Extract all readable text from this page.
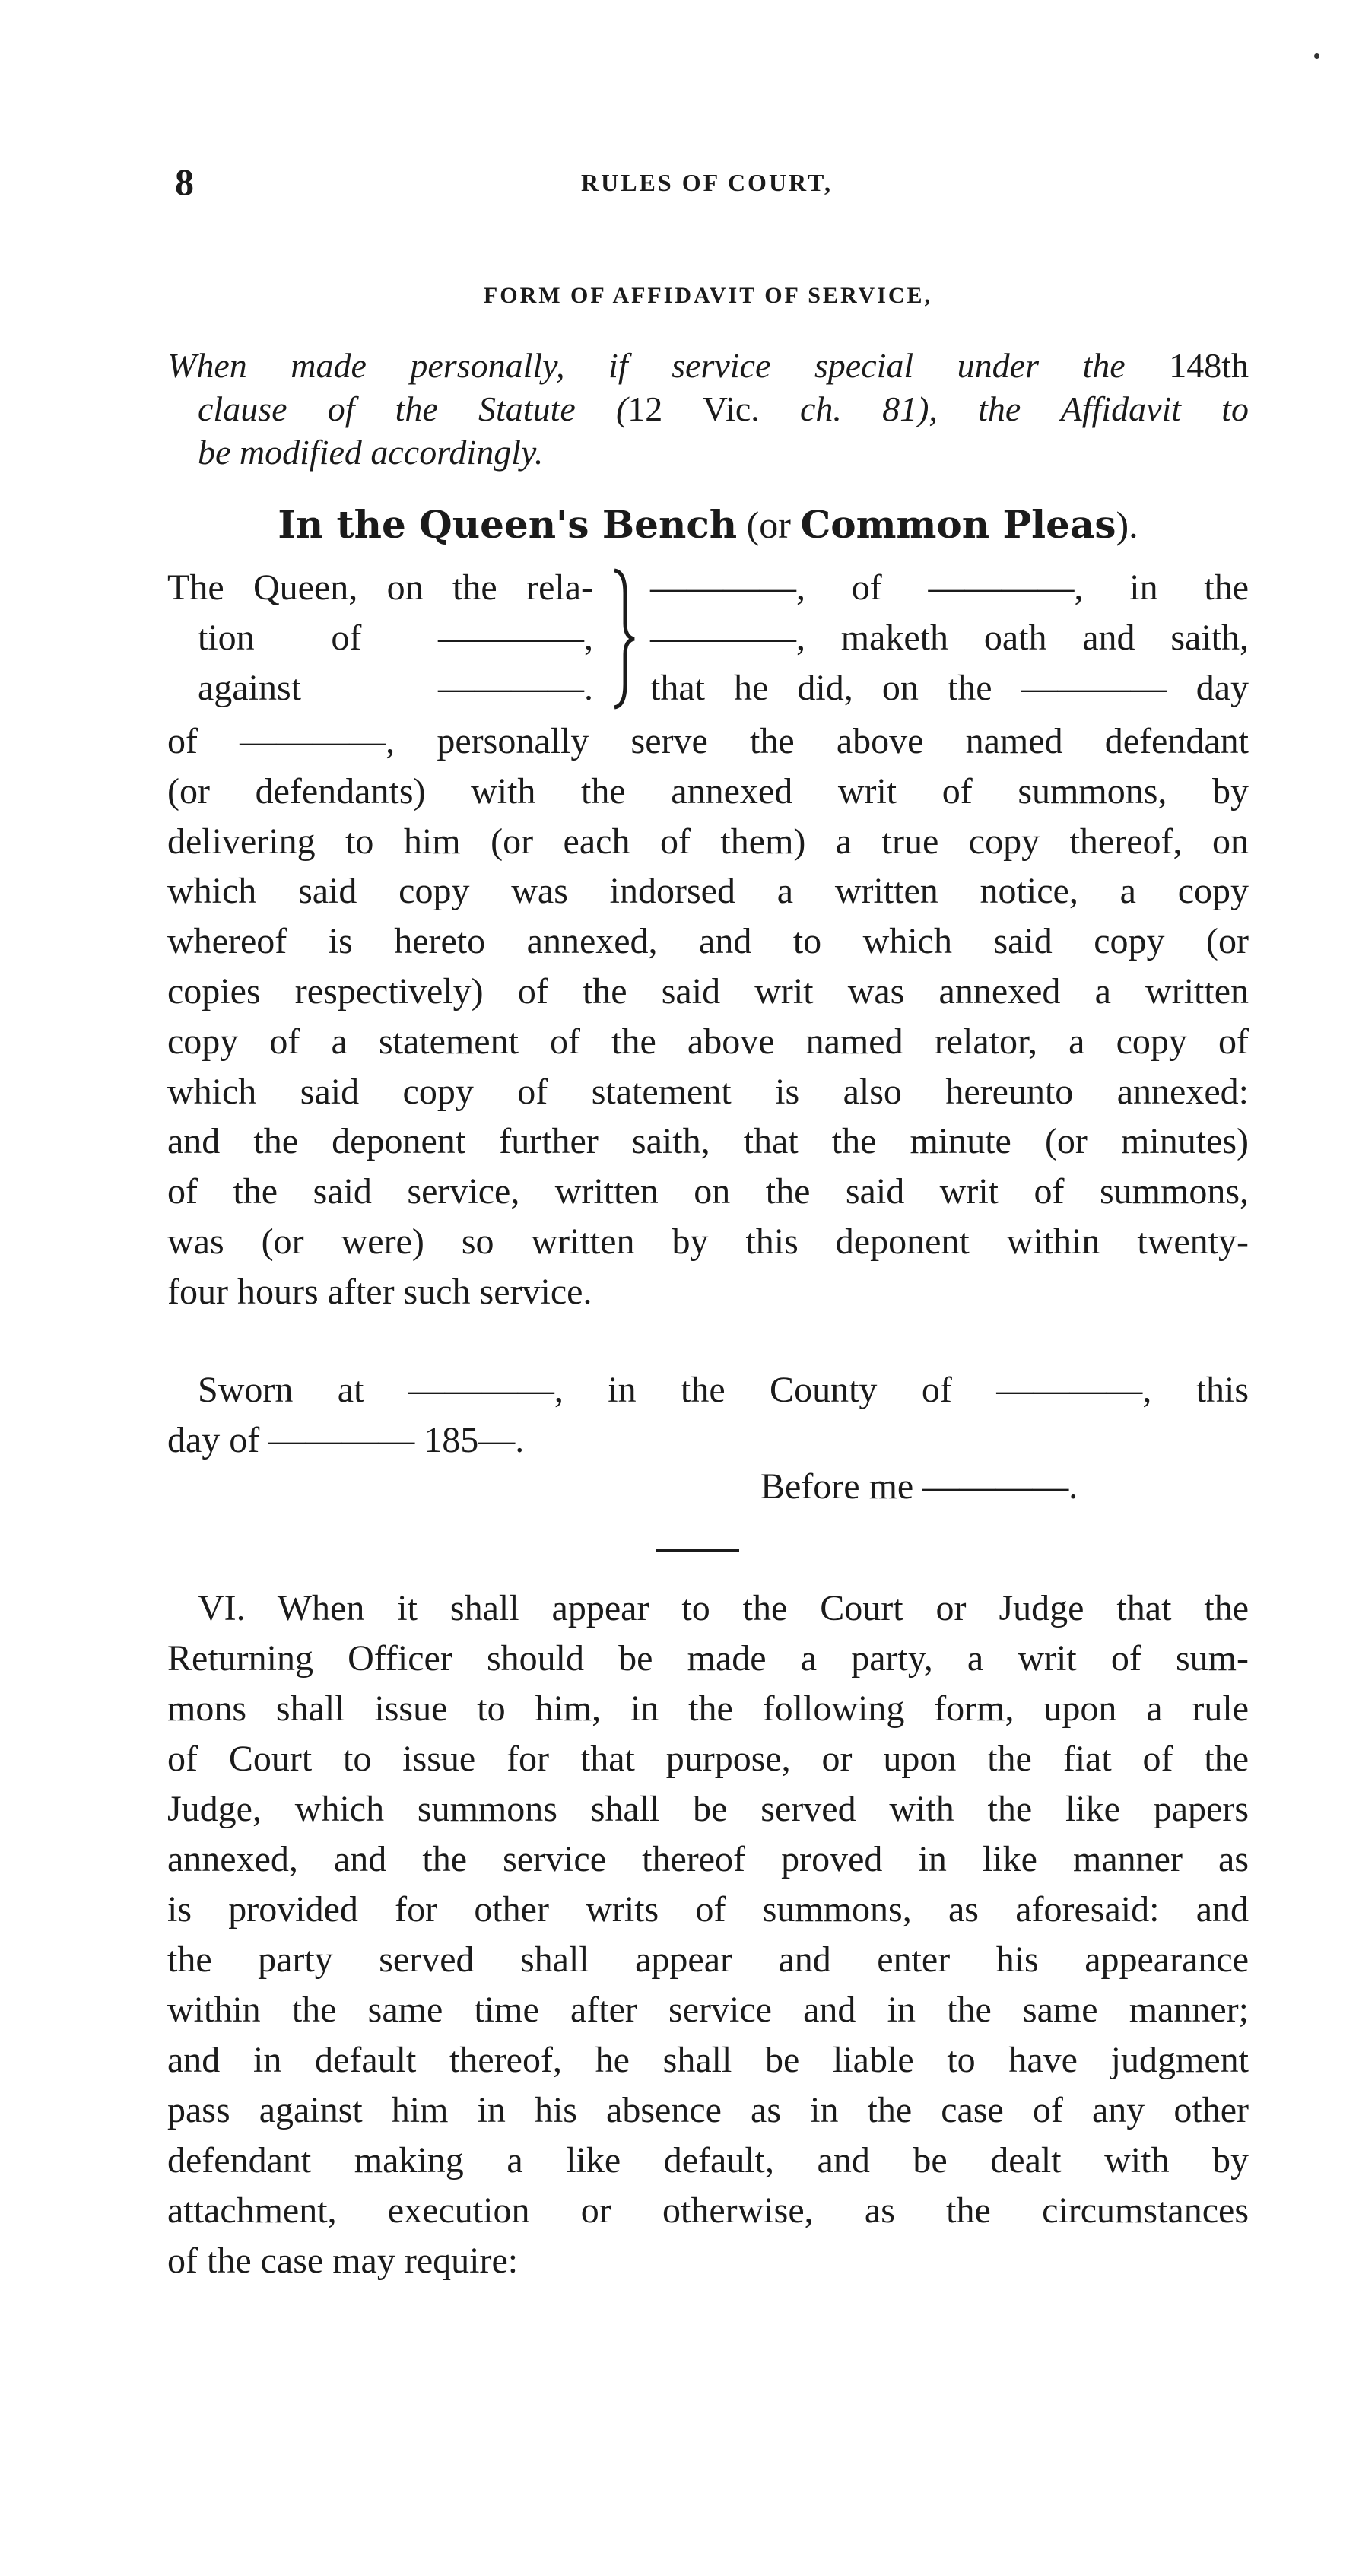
8	RULES OF COURT,
FORM OF AFFIDAVIT OF SERVICE,
When made personally, if service special under the 148th
clause of the Statute (12 Vic. ch. 81), the Affidavit to
be modified accordingly.
In the Queen's Bench (or Common Pleas).
The Queen, on the rela-
tion of ————,
against ————.
————, of ————, in the
————, maketh oath and saith,
that he did, on the ———— day
of ————, personally serve the above named defendant
(or defendants) with the annexed writ of summons, by
delivering to him (or each of them) a true copy thereof, on
which said copy was indorsed a written notice, a copy
whereof is hereto annexed, and to which said copy (or
copies respectively) of the said writ was annexed a written
copy of a statement of the above named relator, a copy of
which said copy of statement is also hereunto annexed:
and the deponent further saith, that the minute (or minutes)
of the said service, written on the said writ of summons,
was (or were) so written by this deponent within twenty-
four hours after such service.
Sworn at ————, in the County of ————, this
day of ———— 185—.
Before me ————.
VI. When it shall appear to the Court or Judge that the
Returning Officer should be made a party, a writ of sum-
mons shall issue to him, in the following form, upon a rule
of Court to issue for that purpose, or upon the fiat of the
Judge, which summons shall be served with the like papers
annexed, and the service thereof proved in like manner as
is provided for other writs of summons, as aforesaid: and
the party served shall appear and enter his appearance
within the same time after service and in the same manner;
and in default thereof, he shall be liable to have judgment
pass against him in his absence as in the case of any other
defendant making a like default, and be dealt with by
attachment, execution or otherwise, as the circumstances
of the case may require:
